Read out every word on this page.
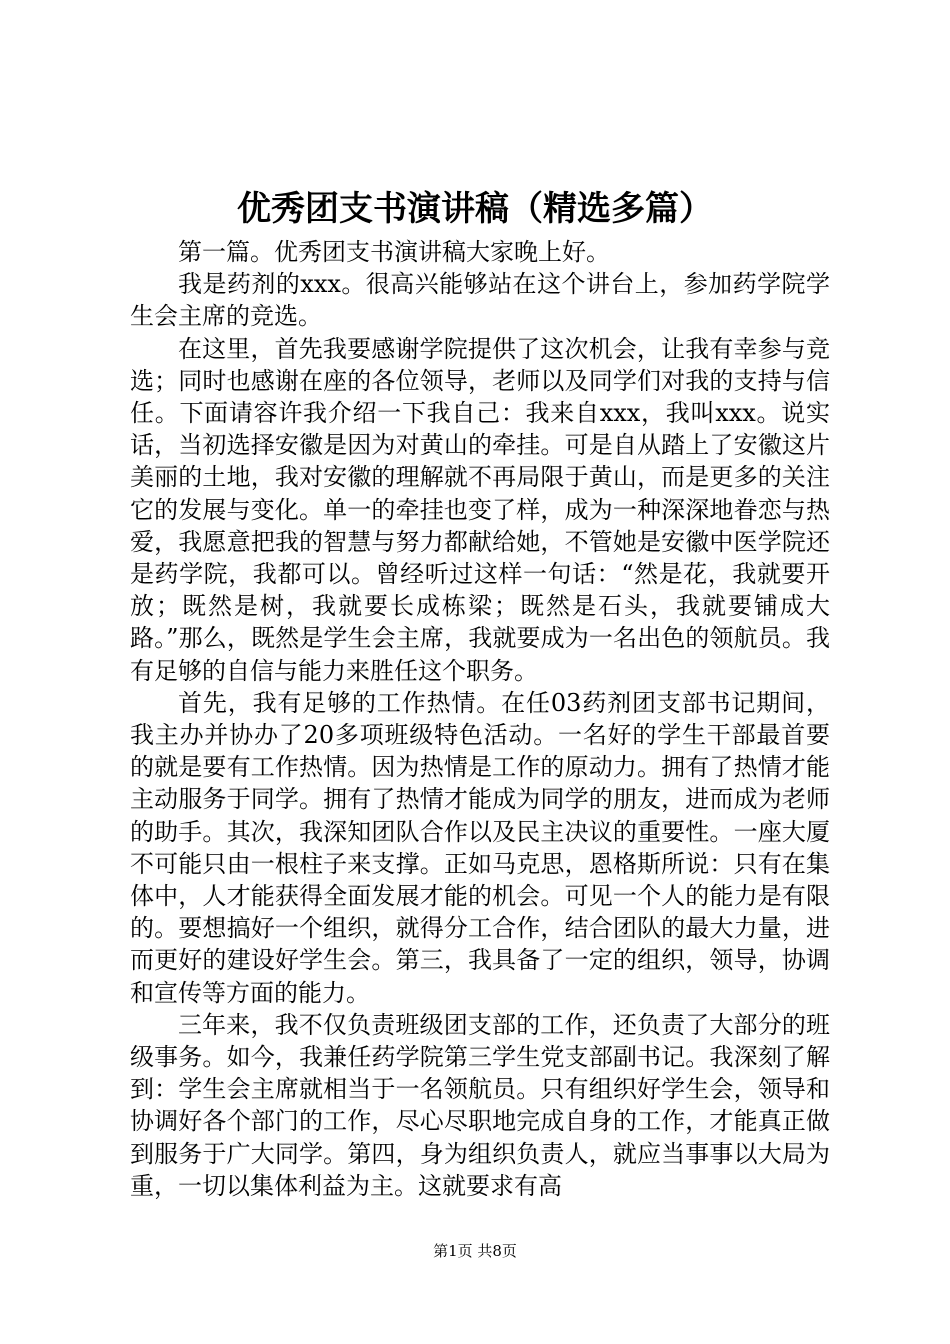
优秀团支书演讲稿（精选多篇）

第一篇。优秀团支书演讲稿大家晚上好。

我是药剂的xxx。很高兴能够站在这个讲台上，参加药学院学生会主席的竞选。

在这里，首先我要感谢学院提供了这次机会，让我有幸参与竞选；同时也感谢在座的各位领导，老师以及同学们对我的支持与信任。下面请容许我介绍一下我自己：我来自xxx，我叫xxx。说实话，当初选择安徽是因为对黄山的牵挂。可是自从踏上了安徽这片美丽的土地，我对安徽的理解就不再局限于黄山，而是更多的关注它的发展与变化。单一的牵挂也变了样，成为一种深深地眷恋与热爱，我愿意把我的智慧与努力都献给她，不管她是安徽中医学院还是药学院，我都可以。曾经听过这样一句话：“然是花，我就要开放；既然是树，我就要长成栋梁；既然是石头，我就要铺成大路。”那么，既然是学生会主席，我就要成为一名出色的领航员。我有足够的自信与能力来胜任这个职务。

首先，我有足够的工作热情。在任03药剂团支部书记期间，我主办并协办了20多项班级特色活动。一名好的学生干部最首要的就是要有工作热情。因为热情是工作的原动力。拥有了热情才能主动服务于同学。拥有了热情才能成为同学的朋友，进而成为老师的助手。其次，我深知团队合作以及民主决议的重要性。一座大厦不可能只由一根柱子来支撑。正如马克思，恩格斯所说：只有在集体中，人才能获得全面发展才能的机会。可见一个人的能力是有限的。要想搞好一个组织，就得分工合作，结合团队的最大力量，进而更好的建设好学生会。第三，我具备了一定的组织，领导，协调和宣传等方面的能力。

三年来，我不仅负责班级团支部的工作，还负责了大部分的班级事务。如今，我兼任药学院第三学生党支部副书记。我深刻了解到：学生会主席就相当于一名领航员。只有组织好学生会，领导和协调好各个部门的工作，尽心尽职地完成自身的工作，才能真正做到服务于广大同学。第四，身为组织负责人，就应当事事以大局为重，一切以集体利益为主。这就要求有高

第1页 共8页
